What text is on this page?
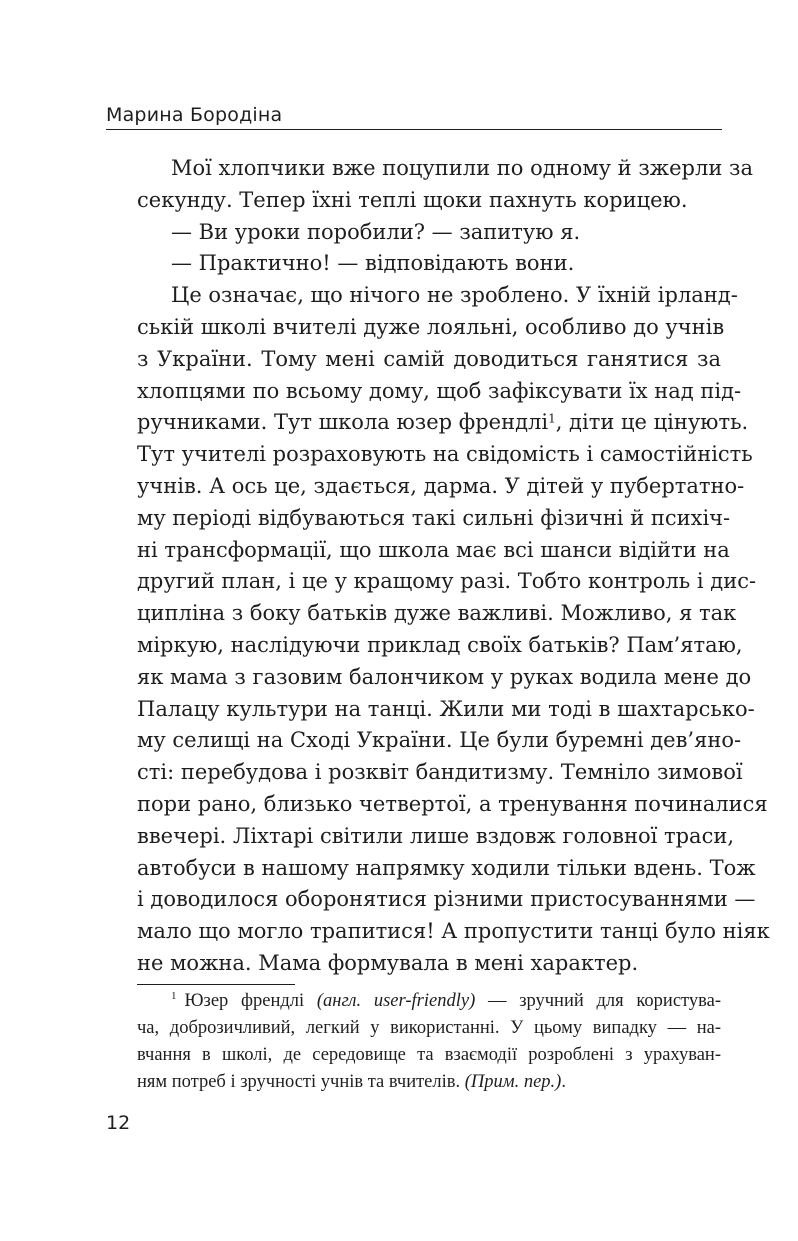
Марина Бородіна
Мої хлопчики вже поцупили по одному й зжерли за
секунду. Тепер їхні теплі щоки пахнуть корицею.
— Ви уроки поробили? — запитую я.
— Практично! — відповідають вони.
Це означає, що нічого не зроблено. У їхній ірланд-
ській школі вчителі дуже лояльні, особливо до учнів
з України. Тому мені самій доводиться ганятися за
хлопцями по всьому дому, щоб зафіксувати їх над під-
ручниками. Тут школа юзер френдлі$^1$, діти це цінують.
Тут учителі розраховують на свідомість і самостійність
учнів. А ось це, здається, дарма. У дітей у пубертатно-
му періоді відбуваються такі сильні фізичні й психіч-
ні трансформації, що школа має всі шанси відійти на
другий план, і це у кращому разі. Тобто контроль і дис-
ципліна з боку батьків дуже важливі. Можливо, я так
міркую, наслідуючи приклад своїх батьків? Пам’ятаю,
як мама з газовим балончиком у руках водила мене до
Палацу культури на танці. Жили ми тоді в шахтарсько-
му селищі на Сході України. Це були буремні дев’яно-
сті: перебудова і розквіт бандитизму. Темніло зимової
пори рано, близько четвертої, а тренування починалися
ввечері. Ліхтарі світили лише вздовж головної траси,
автобуси в нашому напрямку ходили тільки вдень. Тож
і доводилося оборонятися різними пристосуваннями —
мало що могло трапитися! А пропустити танці було ніяк
не можна. Мама формувала в мені характер.
$^1$ Юзер френдлі (англ. user-friendly) — зручний для користува-
ча, доброзичливий, легкий у використанні. У цьому випадку — на-
вчання в школі, де середовище та взаємодії розроблені з урахуван-
ням потреб і зручності учнів та вчителів. (Прим. пер.).
12
